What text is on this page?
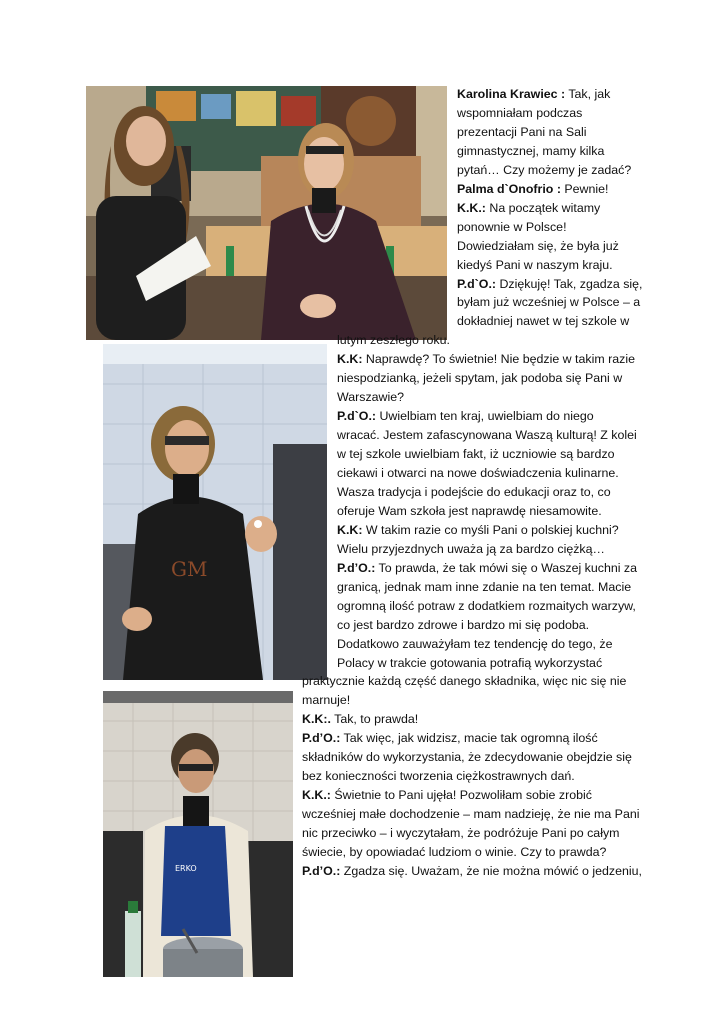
GM
ERKO
Karolina Krawiec : Tak, jak
wspomniałam podczas
prezentacji Pani na Sali
gimnastycznej, mamy kilka
pytań… Czy możemy je zadać?
Palma d`Onofrio : Pewnie!
K.K.: Na początek witamy
ponownie w Polsce!
Dowiedziałam się, że była już
kiedyś Pani w naszym kraju.
P.d`O.: Dziękuję! Tak, zgadza się,
byłam już wcześniej w Polsce – a
dokładniej nawet w tej szkole w
lutym zeszłego roku.
K.K: Naprawdę? To świetnie! Nie będzie w takim razie
niespodzianką, jeżeli spytam, jak podoba się Pani w
Warszawie?
P.d`O.: Uwielbiam ten kraj, uwielbiam do niego
wracać. Jestem zafascynowana Waszą kulturą! Z kolei
w tej szkole uwielbiam fakt, iż uczniowie są bardzo
ciekawi i otwarci na nowe doświadczenia kulinarne.
Wasza tradycja i podejście do edukacji oraz to, co
oferuje Wam szkoła jest naprawdę niesamowite.
K.K: W takim razie co myśli Pani o polskiej kuchni?
Wielu przyjezdnych uważa ją za bardzo ciężką…
P.d’O.: To prawda, że tak mówi się o Waszej kuchni za
granicą, jednak mam inne zdanie na ten temat. Macie
ogromną ilość potraw z dodatkiem rozmaitych warzyw,
co jest bardzo zdrowe i bardzo mi się podoba.
Dodatkowo zauważyłam tez tendencję do tego, że
Polacy w trakcie gotowania potrafią wykorzystać
praktycznie każdą część danego składnika, więc nic się nie
marnuje!
K.K:. Tak, to prawda!
P.d’O.: Tak więc, jak widzisz, macie tak ogromną ilość
składników do wykorzystania, że zdecydowanie obejdzie się
bez konieczności tworzenia ciężkostrawnych dań.
K.K.: Świetnie to Pani ujęła! Pozwoliłam sobie zrobić
wcześniej małe dochodzenie – mam nadzieję, że nie ma Pani
nic przeciwko – i wyczytałam, że podróżuje Pani po całym
świecie, by opowiadać ludziom o winie. Czy to prawda?
P.d’O.: Zgadza się. Uważam, że nie można mówić o jedzeniu,
